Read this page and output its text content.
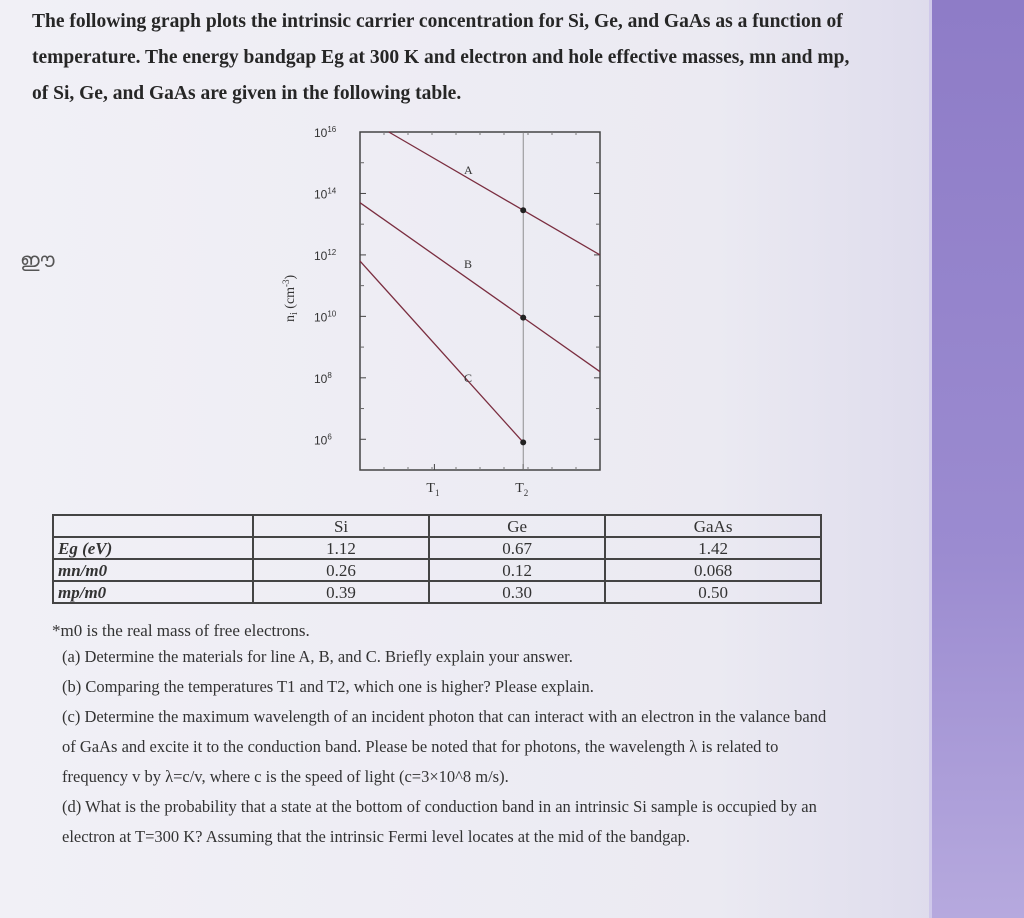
The following graph plots the intrinsic carrier concentration for Si, Ge, and GaAs as a function of temperature. The energy bandgap Eg at 300 K and electron and hole effective masses, mn and mp, of Si, Ge, and GaAs are given in the following table.

ഈ
$10^{16}$
$10^{14}$
$10^{12}$
$10^{10}$
$10^8$
$10^6$
$n_i$ $(cm^{-3})$
$T_1$	$T_2$
A
B
C
	Si	Ge	GaAs
Eg (eV)	1.12	0.67	1.42
mn/m0	0.26	0.12	0.068
mp/m0	0.39	0.30	0.50
*m0 is the real mass of free electrons.

(a) Determine the materials for line A, B, and C. Briefly explain your answer.

(b) Comparing the temperatures T1 and T2, which one is higher? Please explain.

(c) Determine the maximum wavelength of an incident photon that can interact with an electron in the valance band of GaAs and excite it to the conduction band. Please be noted that for photons, the wavelength λ is related to frequency v by λ=c/v, where c is the speed of light (c=3×10^8 m/s).

(d) What is the probability that a state at the bottom of conduction band in an intrinsic Si sample is occupied by an electron at T=300 K? Assuming that the intrinsic Fermi level locates at the mid of the bandgap.
